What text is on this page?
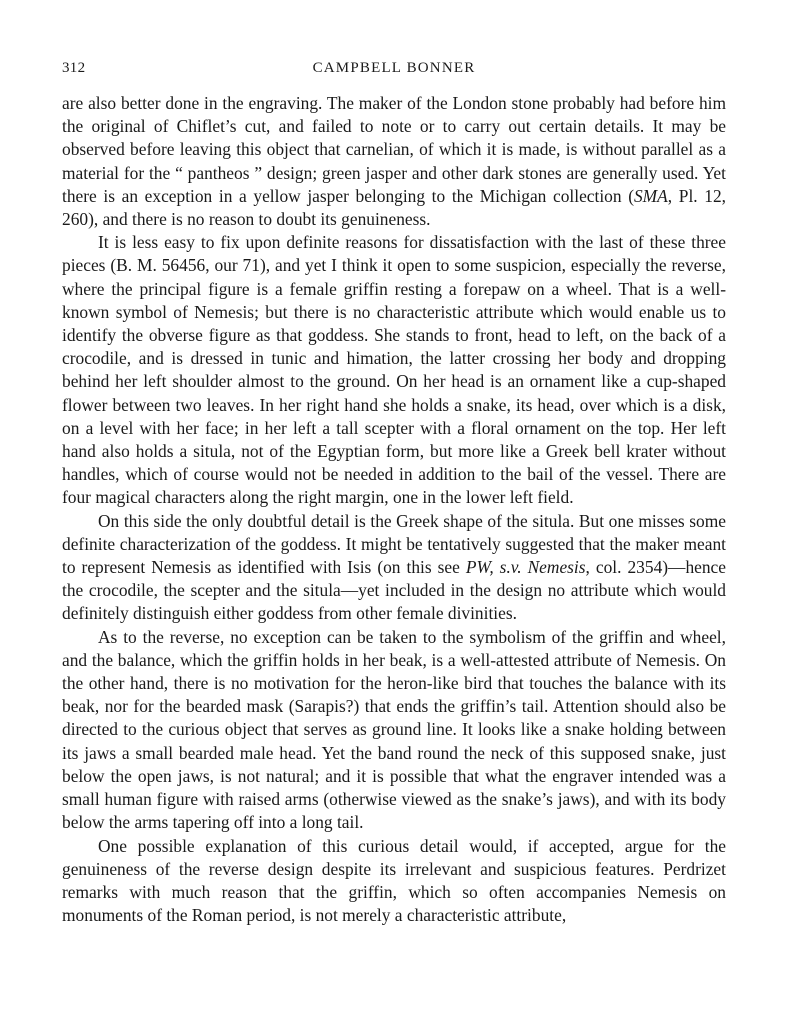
312	CAMPBELL BONNER

are also better done in the engraving. The maker of the London stone probably had before him the original of Chiflet’s cut, and failed to note or to carry out certain details. It may be observed before leaving this object that carnelian, of which it is made, is without parallel as a material for the “ pantheos ” design; green jasper and other dark stones are generally used. Yet there is an exception in a yellow jasper belonging to the Michigan collection (SMA, Pl. 12, 260), and there is no reason to doubt its genuineness.

It is less easy to fix upon definite reasons for dissatisfaction with the last of these three pieces (B. M. 56456, our 71), and yet I think it open to some suspicion, especially the reverse, where the principal figure is a female griffin resting a forepaw on a wheel. That is a well-known symbol of Nemesis; but there is no characteristic attribute which would enable us to identify the obverse figure as that goddess. She stands to front, head to left, on the back of a crocodile, and is dressed in tunic and himation, the latter crossing her body and dropping behind her left shoulder almost to the ground. On her head is an ornament like a cup-shaped flower between two leaves. In her right hand she holds a snake, its head, over which is a disk, on a level with her face; in her left a tall scepter with a floral ornament on the top. Her left hand also holds a situla, not of the Egyptian form, but more like a Greek bell krater without handles, which of course would not be needed in addition to the bail of the vessel. There are four magical characters along the right margin, one in the lower left field.

On this side the only doubtful detail is the Greek shape of the situla. But one misses some definite characterization of the goddess. It might be tentatively suggested that the maker meant to represent Nemesis as identified with Isis (on this see PW, s.v. Nemesis, col. 2354)—hence the crocodile, the scepter and the situla—yet included in the design no attribute which would definitely distinguish either goddess from other female divinities.

As to the reverse, no exception can be taken to the symbolism of the griffin and wheel, and the balance, which the griffin holds in her beak, is a well-attested attribute of Nemesis. On the other hand, there is no motivation for the heron-like bird that touches the balance with its beak, nor for the bearded mask (Sarapis?) that ends the griffin’s tail. Attention should also be directed to the curious object that serves as ground line. It looks like a snake holding between its jaws a small bearded male head. Yet the band round the neck of this supposed snake, just below the open jaws, is not natural; and it is possible that what the engraver intended was a small human figure with raised arms (otherwise viewed as the snake’s jaws), and with its body below the arms tapering off into a long tail.

One possible explanation of this curious detail would, if accepted, argue for the genuineness of the reverse design despite its irrelevant and suspicious features. Perdrizet remarks with much reason that the griffin, which so often accompanies Nemesis on monuments of the Roman period, is not merely a characteristic attribute,
